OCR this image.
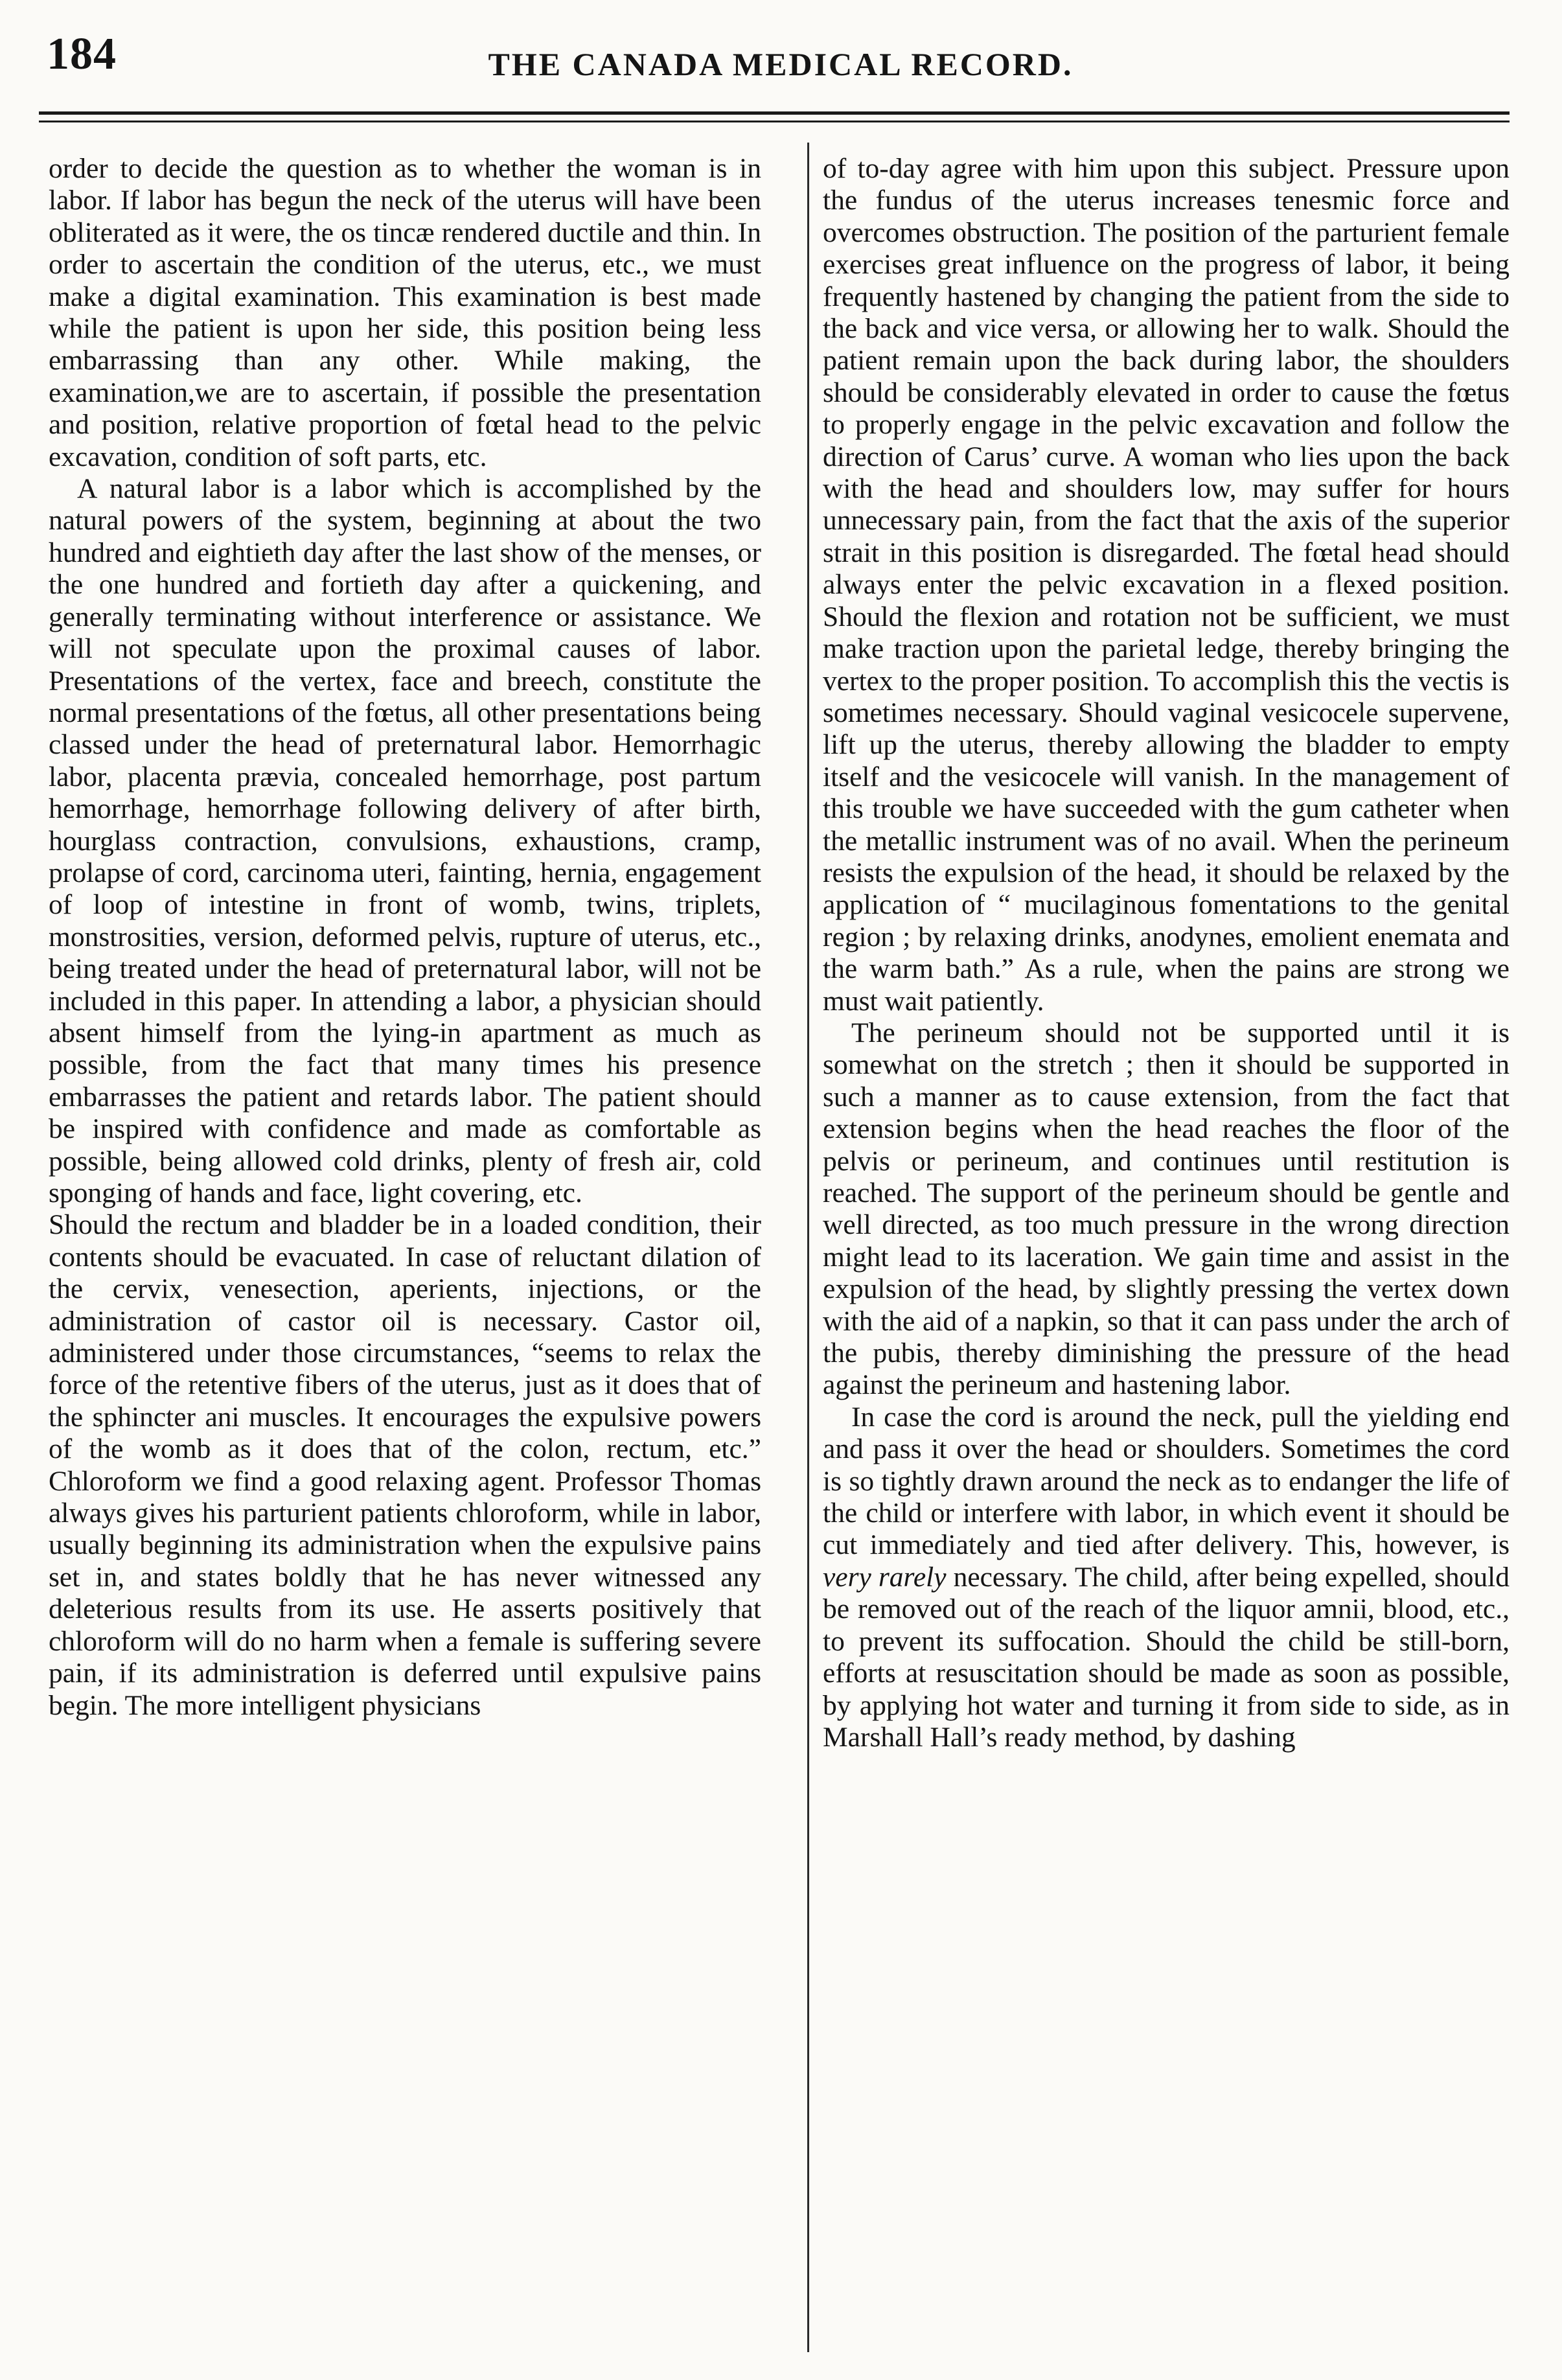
184	THE CANADA MEDICAL RECORD.

order to decide the question as to whether the woman is in labor. If labor has begun the neck of the uterus will have been obliterated as it were, the os tincæ rendered ductile and thin. In order to ascertain the condition of the uterus, etc., we must make a digital examination. This examination is best made while the patient is upon her side, this position being less embarrassing than any other. While making, the examination,we are to ascertain, if possible the presentation and position, relative proportion of fœtal head to the pelvic excavation, condition of soft parts, etc.

A natural labor is a labor which is accomplished by the natural powers of the system, beginning at about the two hundred and eightieth day after the last show of the menses, or the one hundred and fortieth day after a quickening, and generally terminating without interference or assistance. We will not speculate upon the proximal causes of labor. Presentations of the vertex, face and breech, constitute the normal presentations of the fœtus, all other presentations being classed under the head of preternatural labor. Hemorrhagic labor, placenta prævia, concealed hemorrhage, post partum hemorrhage, hemorrhage following delivery of after birth, hourglass contraction, convulsions, exhaustions, cramp, prolapse of cord, carcinoma uteri, fainting, hernia, engagement of loop of intestine in front of womb, twins, triplets, monstrosities, version, deformed pelvis, rupture of uterus, etc., being treated under the head of preternatural labor, will not be included in this paper. In attending a labor, a physician should absent himself from the lying-in apartment as much as possible, from the fact that many times his presence embarrasses the patient and retards labor. The patient should be inspired with confidence and made as comfortable as possible, being allowed cold drinks, plenty of fresh air, cold sponging of hands and face, light covering, etc.

Should the rectum and bladder be in a loaded condition, their contents should be evacuated. In case of reluctant dilation of the cervix, venesection, aperients, injections, or the administration of castor oil is necessary. Castor oil, administered under those circumstances, “seems to relax the force of the retentive fibers of the uterus, just as it does that of the sphincter ani muscles. It encourages the expulsive powers of the womb as it does that of the colon, rectum, etc.” Chloroform we find a good relaxing agent. Professor Thomas always gives his parturient patients chloroform, while in labor, usually beginning its administration when the expulsive pains set in, and states boldly that he has never witnessed any deleterious results from its use. He asserts positively that chloroform will do no harm when a female is suffering severe pain, if its administration is deferred until expulsive pains begin. The more intelligent physicians

of to-day agree with him upon this subject. Pressure upon the fundus of the uterus increases tenesmic force and overcomes obstruction. The position of the parturient female exercises great influence on the progress of labor, it being frequently hastened by changing the patient from the side to the back and vice versa, or allowing her to walk. Should the patient remain upon the back during labor, the shoulders should be considerably elevated in order to cause the fœtus to properly engage in the pelvic excavation and follow the direction of Carus’ curve. A woman who lies upon the back with the head and shoulders low, may suffer for hours unnecessary pain, from the fact that the axis of the superior strait in this position is disregarded. The fœtal head should always enter the pelvic excavation in a flexed position. Should the flexion and rotation not be sufficient, we must make traction upon the parietal ledge, thereby bringing the vertex to the proper position. To accomplish this the vectis is sometimes necessary. Should vaginal vesicocele supervene, lift up the uterus, thereby allowing the bladder to empty itself and the vesicocele will vanish. In the management of this trouble we have succeeded with the gum catheter when the metallic instrument was of no avail. When the perineum resists the expulsion of the head, it should be relaxed by the application of “ mucilaginous fomentations to the genital region ; by relaxing drinks, anodynes, emolient enemata and the warm bath.” As a rule, when the pains are strong we must wait patiently.

The perineum should not be supported until it is somewhat on the stretch ; then it should be supported in such a manner as to cause extension, from the fact that extension begins when the head reaches the floor of the pelvis or perineum, and continues until restitution is reached. The support of the perineum should be gentle and well directed, as too much pressure in the wrong direction might lead to its laceration. We gain time and assist in the expulsion of the head, by slightly pressing the vertex down with the aid of a napkin, so that it can pass under the arch of the pubis, thereby diminishing the pressure of the head against the perineum and hastening labor.

In case the cord is around the neck, pull the yielding end and pass it over the head or shoulders. Sometimes the cord is so tightly drawn around the neck as to endanger the life of the child or interfere with labor, in which event it should be cut immediately and tied after delivery. This, however, is very rarely necessary. The child, after being expelled, should be removed out of the reach of the liquor amnii, blood, etc., to prevent its suffocation. Should the child be still-born, efforts at resuscitation should be made as soon as possible, by applying hot water and turning it from side to side, as in Marshall Hall’s ready method, by dashing
